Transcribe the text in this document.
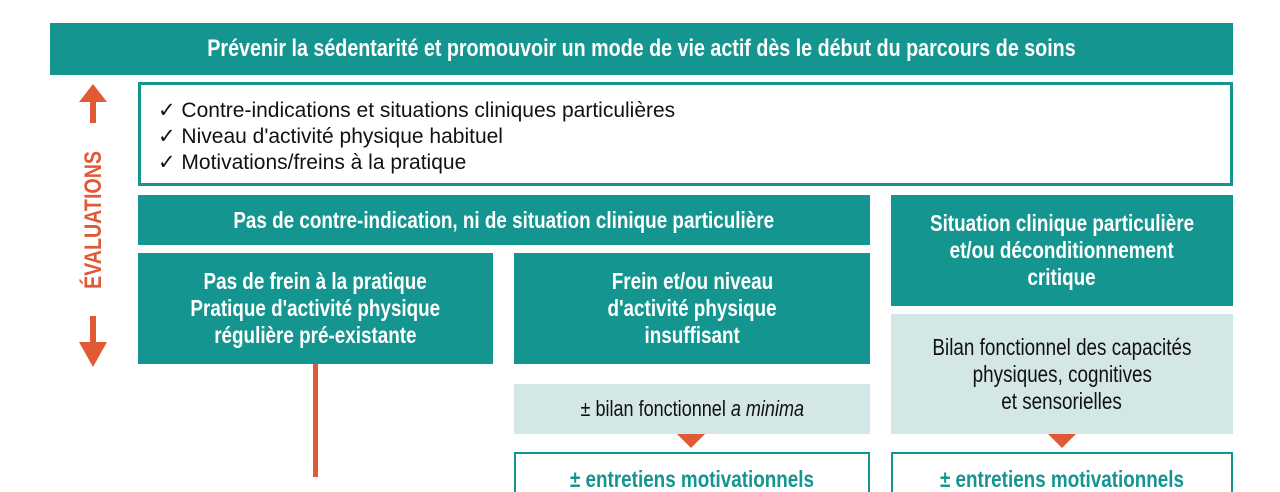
Prévenir la sédentarité et promouvoir un mode de vie actif dès le début du parcours de soins
ÉVALUATIONS
✓ Contre-indications et situations cliniques particulières
✓ Niveau d'activité physique habituel
✓ Motivations/freins à la pratique
Pas de contre-indication, ni de situation clinique particulière	Situation clinique particulière
et/ou déconditionnement
critique
Pas de frein à la pratique
Pratique d'activité physique
régulière pré-existante
Frein et/ou niveau
d'activité physique
insuffisant
± bilan fonctionnel a minima
Bilan fonctionnel des capacités
physiques, cognitives
et sensorielles
± entretiens motivationnels	± entretiens motivationnels
